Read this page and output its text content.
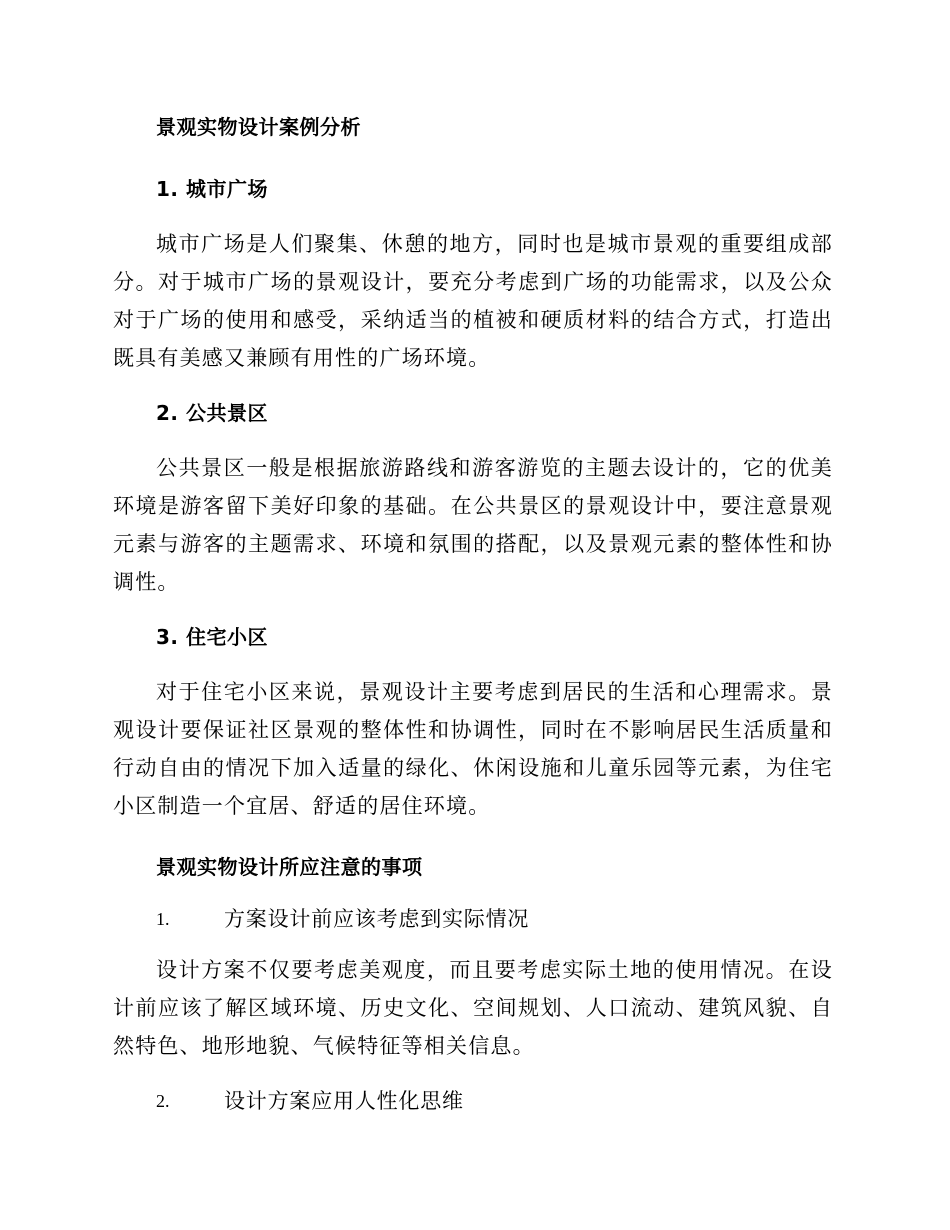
景观实物设计案例分析

1. 城市广场

城市广场是人们聚集、休憩的地方，同时也是城市景观的重要组成部分。对于城市广场的景观设计，要充分考虑到广场的功能需求，以及公众对于广场的使用和感受，采纳适当的植被和硬质材料的结合方式，打造出既具有美感又兼顾有用性的广场环境。

2. 公共景区

公共景区一般是根据旅游路线和游客游览的主题去设计的，它的优美环境是游客留下美好印象的基础。在公共景区的景观设计中，要注意景观元素与游客的主题需求、环境和氛围的搭配，以及景观元素的整体性和协调性。

3. 住宅小区

对于住宅小区来说，景观设计主要考虑到居民的生活和心理需求。景观设计要保证社区景观的整体性和协调性，同时在不影响居民生活质量和行动自由的情况下加入适量的绿化、休闲设施和儿童乐园等元素，为住宅小区制造一个宜居、舒适的居住环境。

景观实物设计所应注意的事项

1.	方案设计前应该考虑到实际情况

设计方案不仅要考虑美观度，而且要考虑实际土地的使用情况。在设计前应该了解区域环境、历史文化、空间规划、人口流动、建筑风貌、自然特色、地形地貌、气候特征等相关信息。

2.	设计方案应用人性化思维
